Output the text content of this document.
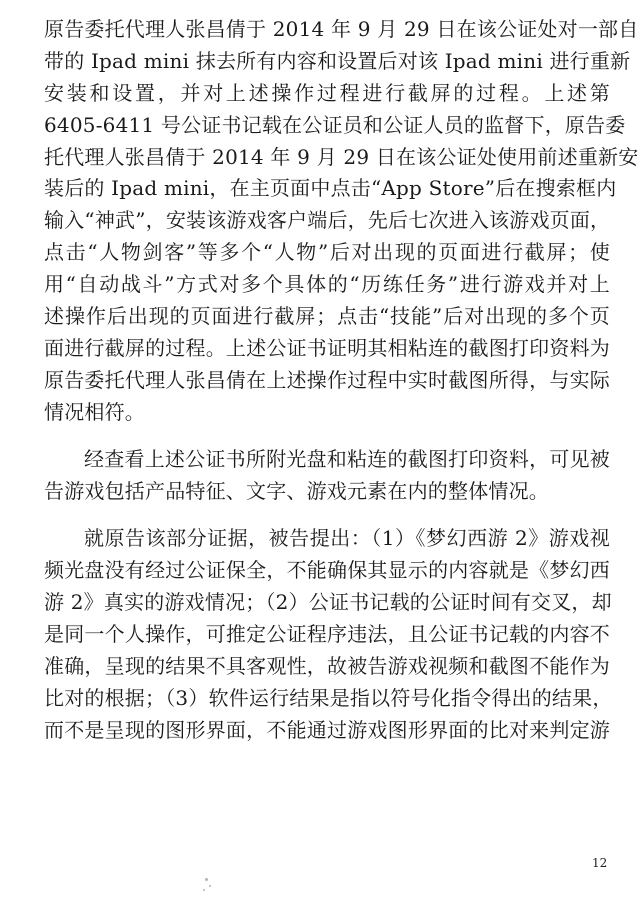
原告委托代理人张昌倩于 2014 年 9 月 29 日在该公证处对一部自
带的 Ipad mini 抹去所有内容和设置后对该 Ipad mini 进行重新
安装和设置，并对上述操作过程进行截屏的过程。上述第
6405-6411 号公证书记载在公证员和公证人员的监督下，原告委
托代理人张昌倩于 2014 年 9 月 29 日在该公证处使用前述重新安
装后的 Ipad mini，在主页面中点击“App Store”后在搜索框内
输入“神武”，安装该游戏客户端后，先后七次进入该游戏页面，
点击“人物剑客”等多个“人物”后对出现的页面进行截屏；使
用“自动战斗”方式对多个具体的“历练任务”进行游戏并对上
述操作后出现的页面进行截屏；点击“技能”后对出现的多个页
面进行截屏的过程。上述公证书证明其相粘连的截图打印资料为
原告委托代理人张昌倩在上述操作过程中实时截图所得，与实际
情况相符。

经查看上述公证书所附光盘和粘连的截图打印资料，可见被
告游戏包括产品特征、文字、游戏元素在内的整体情况。

就原告该部分证据，被告提出：（1）《梦幻西游 2》游戏视
频光盘没有经过公证保全，不能确保其显示的内容就是《梦幻西
游 2》真实的游戏情况；（2）公证书记载的公证时间有交叉，却
是同一个人操作，可推定公证程序违法，且公证书记载的内容不
准确，呈现的结果不具客观性，故被告游戏视频和截图不能作为
比对的根据；（3）软件运行结果是指以符号化指令得出的结果，
而不是呈现的图形界面，不能通过游戏图形界面的比对来判定游

12
